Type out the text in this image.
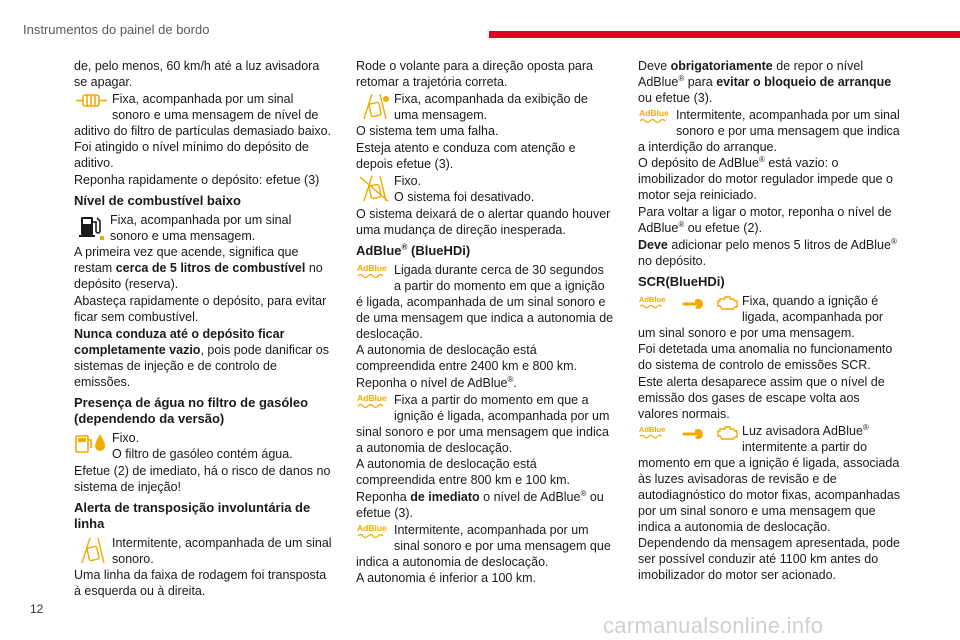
Instrumentos do painel de bordo

de, pelo menos, 60 km/h até a luz avisadora se apagar.

Fixa, acompanhada por um sinal sonoro e uma mensagem de nível de aditivo do filtro de partículas demasiado baixo.

Foi atingido o nível mínimo do depósito de aditivo.

Reponha rapidamente o depósito: efetue (3)

Nível de combustível baixo

Fixa, acompanhada por um sinal sonoro e uma mensagem.

A primeira vez que acende, significa que restam cerca de 5 litros de combustível no depósito (reserva).

Abasteça rapidamente o depósito, para evitar ficar sem combustível.

Nunca conduza até o depósito ficar completamente vazio, pois pode danificar os sistemas de injeção e de controlo de emissões.

Presença de água no filtro de gasóleo (dependendo da versão)

Fixo.

O filtro de gasóleo contém água.

Efetue (2) de imediato, há o risco de danos no sistema de injeção!

Alerta de transposição involuntária de linha

Intermitente, acompanhada de um sinal sonoro.

Uma linha da faixa de rodagem foi transposta à esquerda ou à direita.

Rode o volante para a direção oposta para retomar a trajetória correta.

Fixa, acompanhada da exibição de uma mensagem.

O sistema tem uma falha.

Esteja atento e conduza com atenção e depois efetue (3).

Fixo.

O sistema foi desativado.

O sistema deixará de o alertar quando houver uma mudança de direção inesperada.

AdBlue® (BlueHDi)

AdBlue Ligada durante cerca de 30 segundos a partir do momento em que a ignição é ligada, acompanhada de um sinal sonoro e de uma mensagem que indica a autonomia de deslocação.

A autonomia de deslocação está compreendida entre 2400 km e 800 km.

Reponha o nível de AdBlue®.

AdBlue Fixa a partir do momento em que a ignição é ligada, acompanhada por um sinal sonoro e por uma mensagem que indica a autonomia de deslocação.

A autonomia de deslocação está compreendida entre 800 km e 100 km.

Reponha de imediato o nível de AdBlue® ou efetue (3).

AdBlue Intermitente, acompanhada por um sinal sonoro e por uma mensagem que indica a autonomia de deslocação.

A autonomia é inferior a 100 km.

Deve obrigatoriamente de repor o nível AdBlue® para evitar o bloqueio de arranque ou efetue (3).

AdBlue Intermitente, acompanhada por um sinal sonoro e por uma mensagem que indica a interdição do arranque.

O depósito de AdBlue® está vazio: o imobilizador do motor regulador impede que o motor seja reiniciado.

Para voltar a ligar o motor, reponha o nível de AdBlue® ou efetue (2).

Deve adicionar pelo menos 5 litros de AdBlue® no depósito.

SCR(BlueHDi)

AdBlue	Fixa, quando a ignição é ligada, acompanhada por um sinal sonoro e por uma mensagem.

Foi detetada uma anomalia no funcionamento do sistema de controlo de emissões SCR.

Este alerta desaparece assim que o nível de emissão dos gases de escape volta aos valores normais.

AdBlue	Luz avisadora AdBlue® intermitente a partir do momento em que a ignição é ligada, associada às luzes avisadoras de revisão e de autodiagnóstico do motor fixas, acompanhadas por um sinal sonoro e uma mensagem que indica a autonomia de deslocação.

Dependendo da mensagem apresentada, pode ser possível conduzir até 1100 km antes do imobilizador do motor ser acionado.

12
carmanualsonline.info
